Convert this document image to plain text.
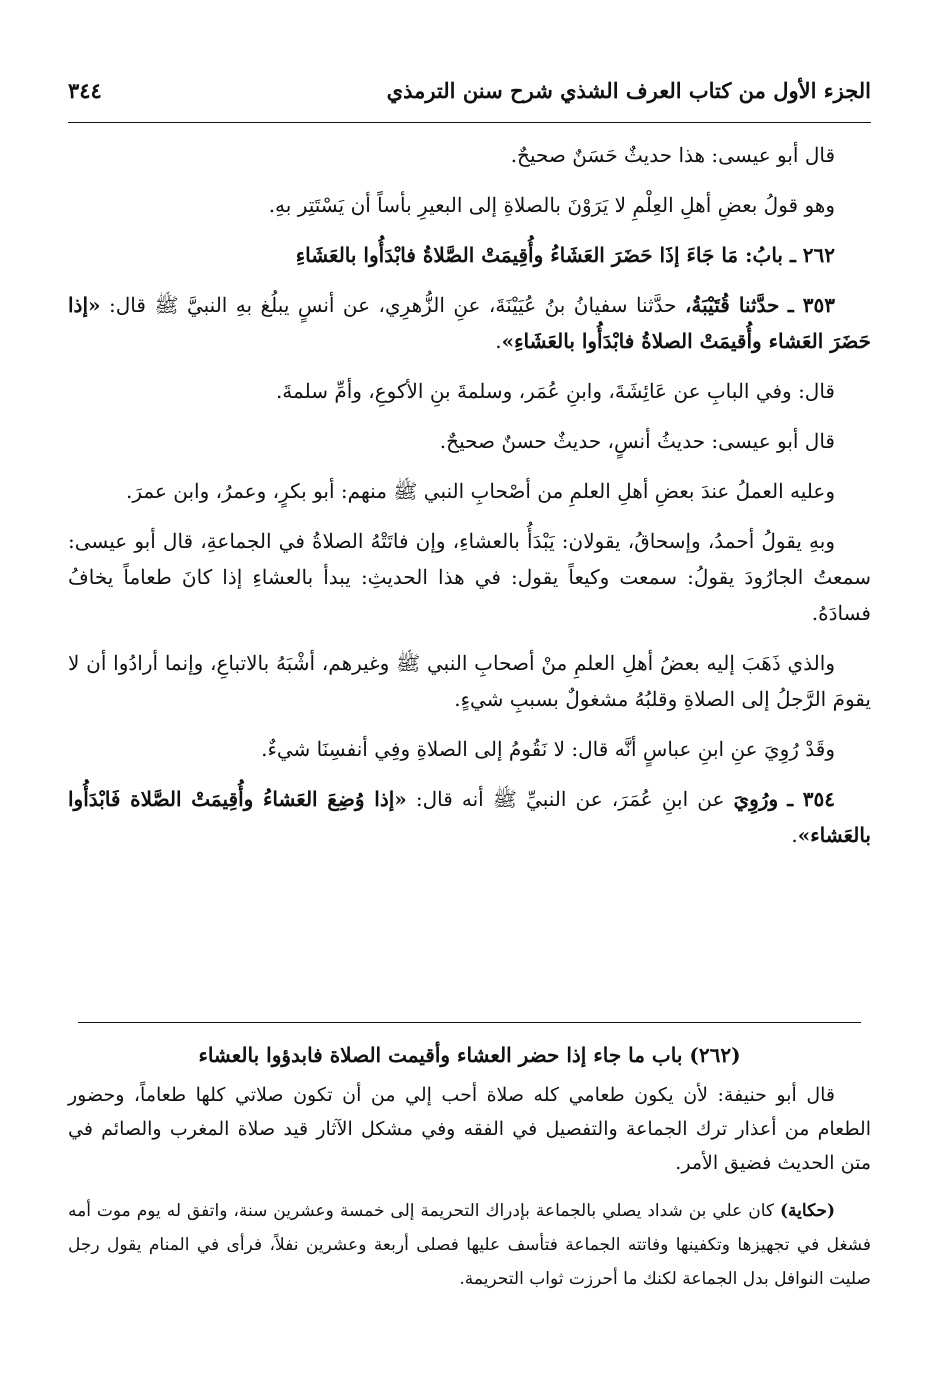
الجزء الأول من كتاب العرف الشذي شرح سنن الترمذي
٣٤٤

قال أبو عيسى: هذا حديثٌ حَسَنٌ صحيحٌ.

وهو قولُ بعضِ أهلِ العِلْمِ لا يَرَوْنَ بالصلاةِ إلى البعيرِ بأساً أن يَسْتَتِر بهِ.

٢٦٢ ـ بابُ: مَا جَاءَ إذَا حَضَرَ العَشَاءُ وأُقِيمَتْ الصَّلاةُ فابْدَأُوا بالعَشَاءِ

٣٥٣ ـ حدَّثنا قُتَيْبَةُ، حدَّثنا سفيانُ بنُ عُيَيْنَةَ، عنِ الزُّهرِي، عن أنسٍ يبلُغ بهِ النبيَّ ﷺ قال: «إذا حَضَرَ العَشاء وأُقيمَتْ الصلاةُ فابْدَأُوا بالعَشَاءِ».

قال: وفي البابِ عن عَائِشَةَ، وابنِ عُمَر، وسلمةَ بنِ الأكوعِ، وأمِّ سلمةَ.

قال أبو عيسى: حديثُ أنسٍ، حديثٌ حسنٌ صحيحٌ.

وعليه العملُ عندَ بعضِ أهلِ العلمِ من أصْحابِ النبي ﷺ منهم: أبو بكرٍ، وعمرُ، وابن عمرَ.

وبهِ يقولُ أحمدُ، وإسحاقُ، يقولان: يَبْدَأُ بالعشاءِ، وإن فاتَتْهُ الصلاةُ في الجماعةِ، قال أبو عيسى: سمعتُ الجارُودَ يقولُ: سمعت وكيعاً يقول: في هذا الحديثِ: يبدأ بالعشاءِ إذا كانَ طعاماً يخافُ فسادَهُ.

والذي ذَهَبَ إليه بعضُ أهلِ العلمِ منْ أصحابِ النبي ﷺ وغيرهم، أشْبَهُ بالاتباعِ، وإنما أرادُوا أن لا يقومَ الرَّجلُ إلى الصلاةِ وقلبُهُ مشغولٌ بسببِ شيءٍ.

وقَدْ رُوِيَ عنِ ابنِ عباسٍ أنَّه قال: لا نَقُومُ إلى الصلاةِ وفِي أنفسِنَا شيءٌ.

٣٥٤ ـ ورُوِيَ عن ابنِ عُمَرَ، عن النبيِّ ﷺ أنه قال: «إذا وُضِعَ العَشاءُ وأُقِيمَتْ الصَّلاة فَابْدَأُوا بالعَشاء».

(٢٦٢) باب ما جاء إذا حضر العشاء وأقيمت الصلاة فابدؤوا بالعشاء

قال أبو حنيفة: لأن يكون طعامي كله صلاة أحب إلي من أن تكون صلاتي كلها طعاماً، وحضور الطعام من أعذار ترك الجماعة والتفصيل في الفقه وفي مشكل الآثار قيد صلاة المغرب والصائم في متن الحديث فضيق الأمر.

(حكاية) كان علي بن شداد يصلي بالجماعة بإدراك التحريمة إلى خمسة وعشرين سنة، واتفق له يوم موت أمه فشغل في تجهيزها وتكفينها وفاتته الجماعة فتأسف عليها فصلى أربعة وعشرين نفلاً، فرأى في المنام يقول رجل صليت النوافل بدل الجماعة لكنك ما أحرزت ثواب التحريمة.
